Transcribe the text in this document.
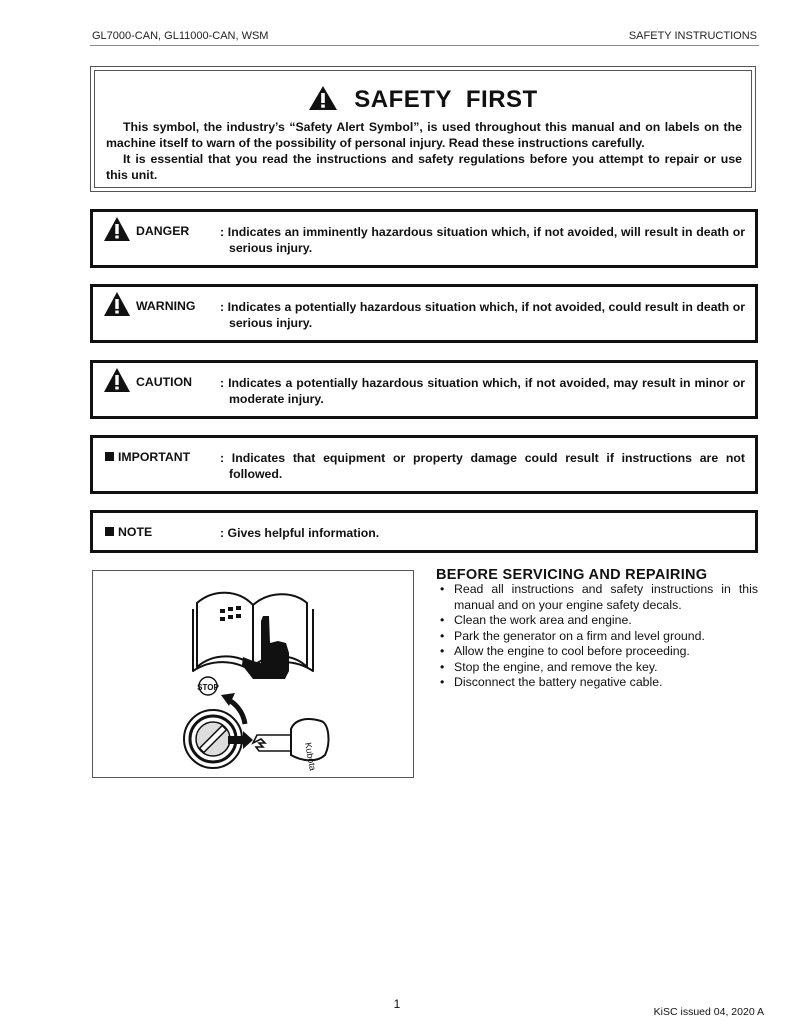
GL7000-CAN, GL11000-CAN, WSM	SAFETY INSTRUCTIONS
SAFETY  FIRST

This symbol, the industry’s “Safety Alert Symbol”, is used throughout this manual and on labels on the machine itself to warn of the possibility of personal injury. Read these instructions carefully.

It is essential that you read the instructions and safety regulations before you attempt to repair or use this unit.

DANGER : Indicates an imminently hazardous situation which, if not avoided, will result in death or serious injury.
WARNING : Indicates a potentially hazardous situation which, if not avoided, could result in death or serious injury.
CAUTION : Indicates a potentially hazardous situation which, if not avoided, may result in minor or moderate injury.
IMPORTANT : Indicates that equipment or property damage could result if instructions are not followed.
NOTE	: Gives helpful information.
STOP
Kubota
BEFORE SERVICING AND REPAIRING
• Read all instructions and safety instructions in this manual and on your engine safety decals.
• Clean the work area and engine.
• Park the generator on a firm and level ground.
• Allow the engine to cool before proceeding.
• Stop the engine, and remove the key.
• Disconnect the battery negative cable.
1
KiSC issued 04, 2020 A
